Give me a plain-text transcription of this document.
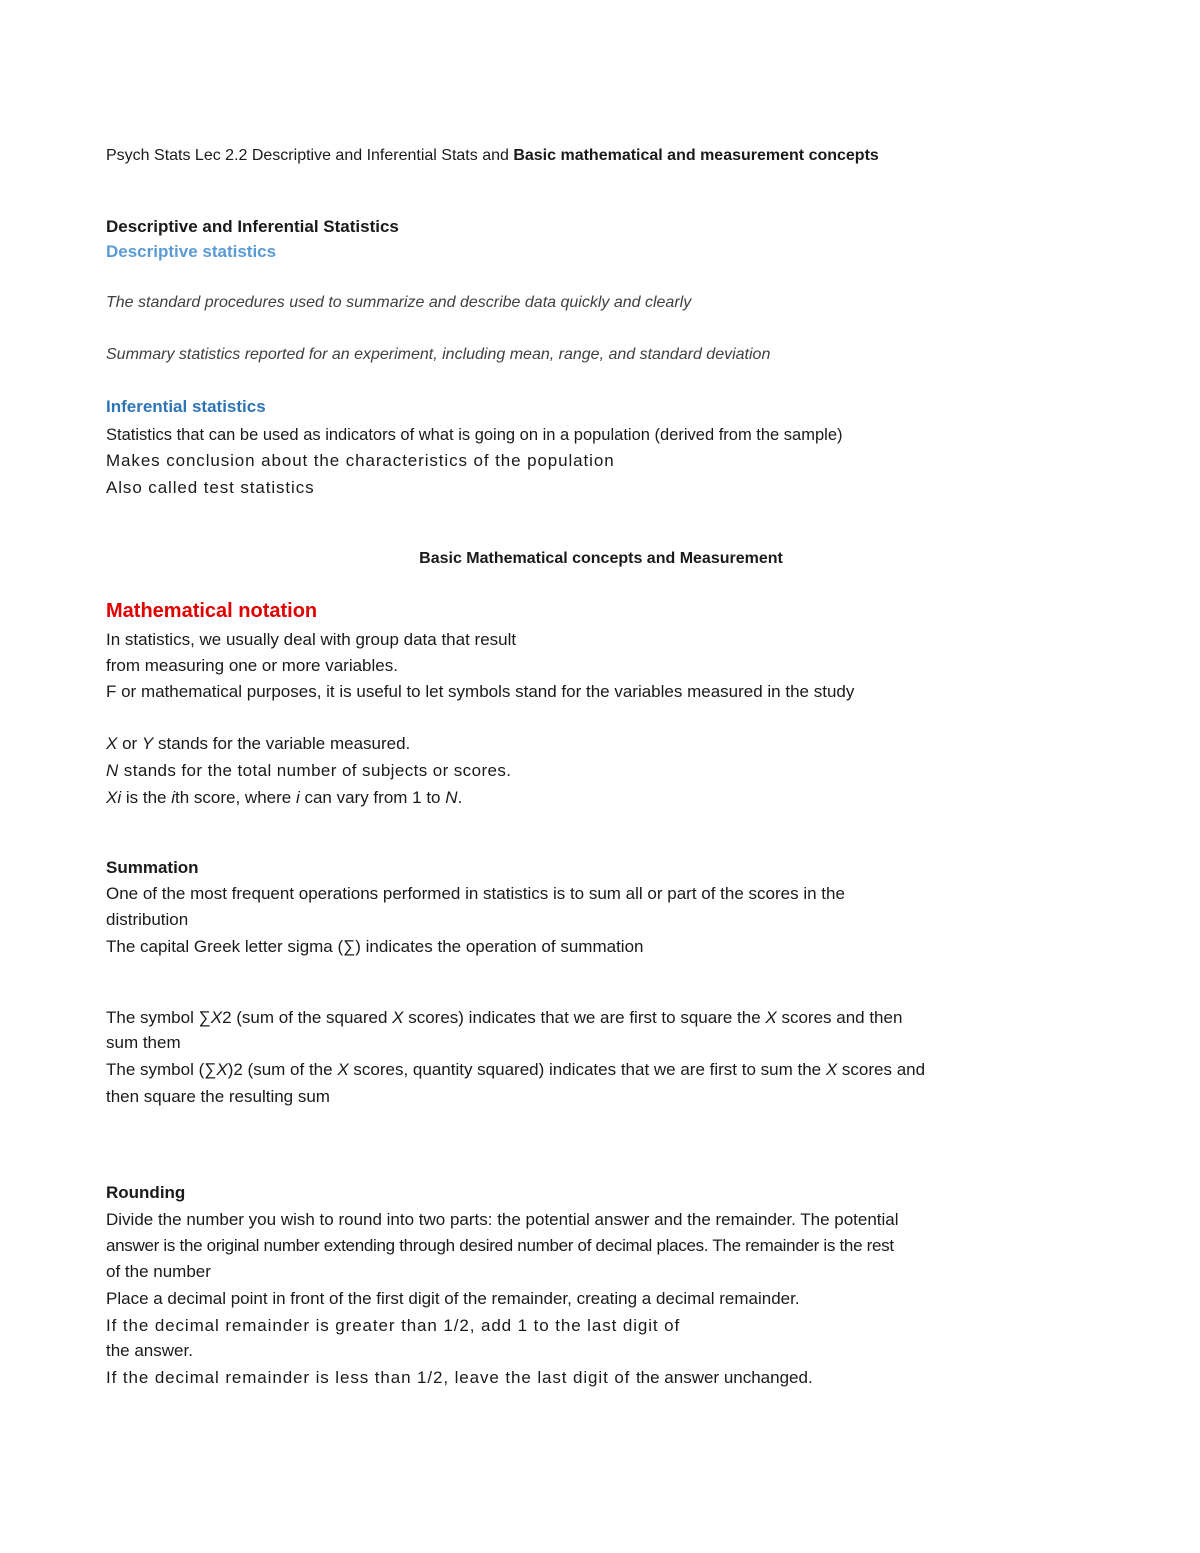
Psych Stats Lec 2.2 Descriptive and Inferential Stats and Basic mathematical and measurement concepts
Descriptive and Inferential Statistics
Descriptive statistics
The standard procedures used to summarize and describe data quickly and clearly
Summary statistics reported for an experiment, including mean, range, and standard deviation
Inferential statistics
Statistics that can be used as indicators of what is going on in a population (derived from the sample)
Makes conclusion about the characteristics of the population
Also called test statistics
Basic Mathematical concepts and Measurement
Mathematical notation
In statistics, we usually deal with group data that result
from measuring one or more variables.
F or mathematical purposes, it is useful to let symbols stand for the variables measured in the study
X or Y stands for the variable measured.
N stands for the total number of subjects or scores.
Xi is the ith score, where i can vary from 1 to N.
Summation
One of the most frequent operations performed in statistics is to sum all or part of the scores in the
distribution
The capital Greek letter sigma (∑) indicates the operation of summation
The symbol ∑X2 (sum of the squared X scores) indicates that we are first to square the X scores and then
sum them
The symbol (∑X)2 (sum of the X scores, quantity squared) indicates that we are first to sum the X scores and
then square the resulting sum
Rounding
Divide the number you wish to round into two parts: the potential answer and the remainder. The potential
answer is the original number extending through desired number of decimal places. The remainder is the rest
of the number
Place a decimal point in front of the first digit of the remainder, creating a decimal remainder.
If the decimal remainder is greater than 1/2, add 1 to the last digit of
the answer.
If the decimal remainder is less than 1/2, leave the last digit of the answer unchanged.
